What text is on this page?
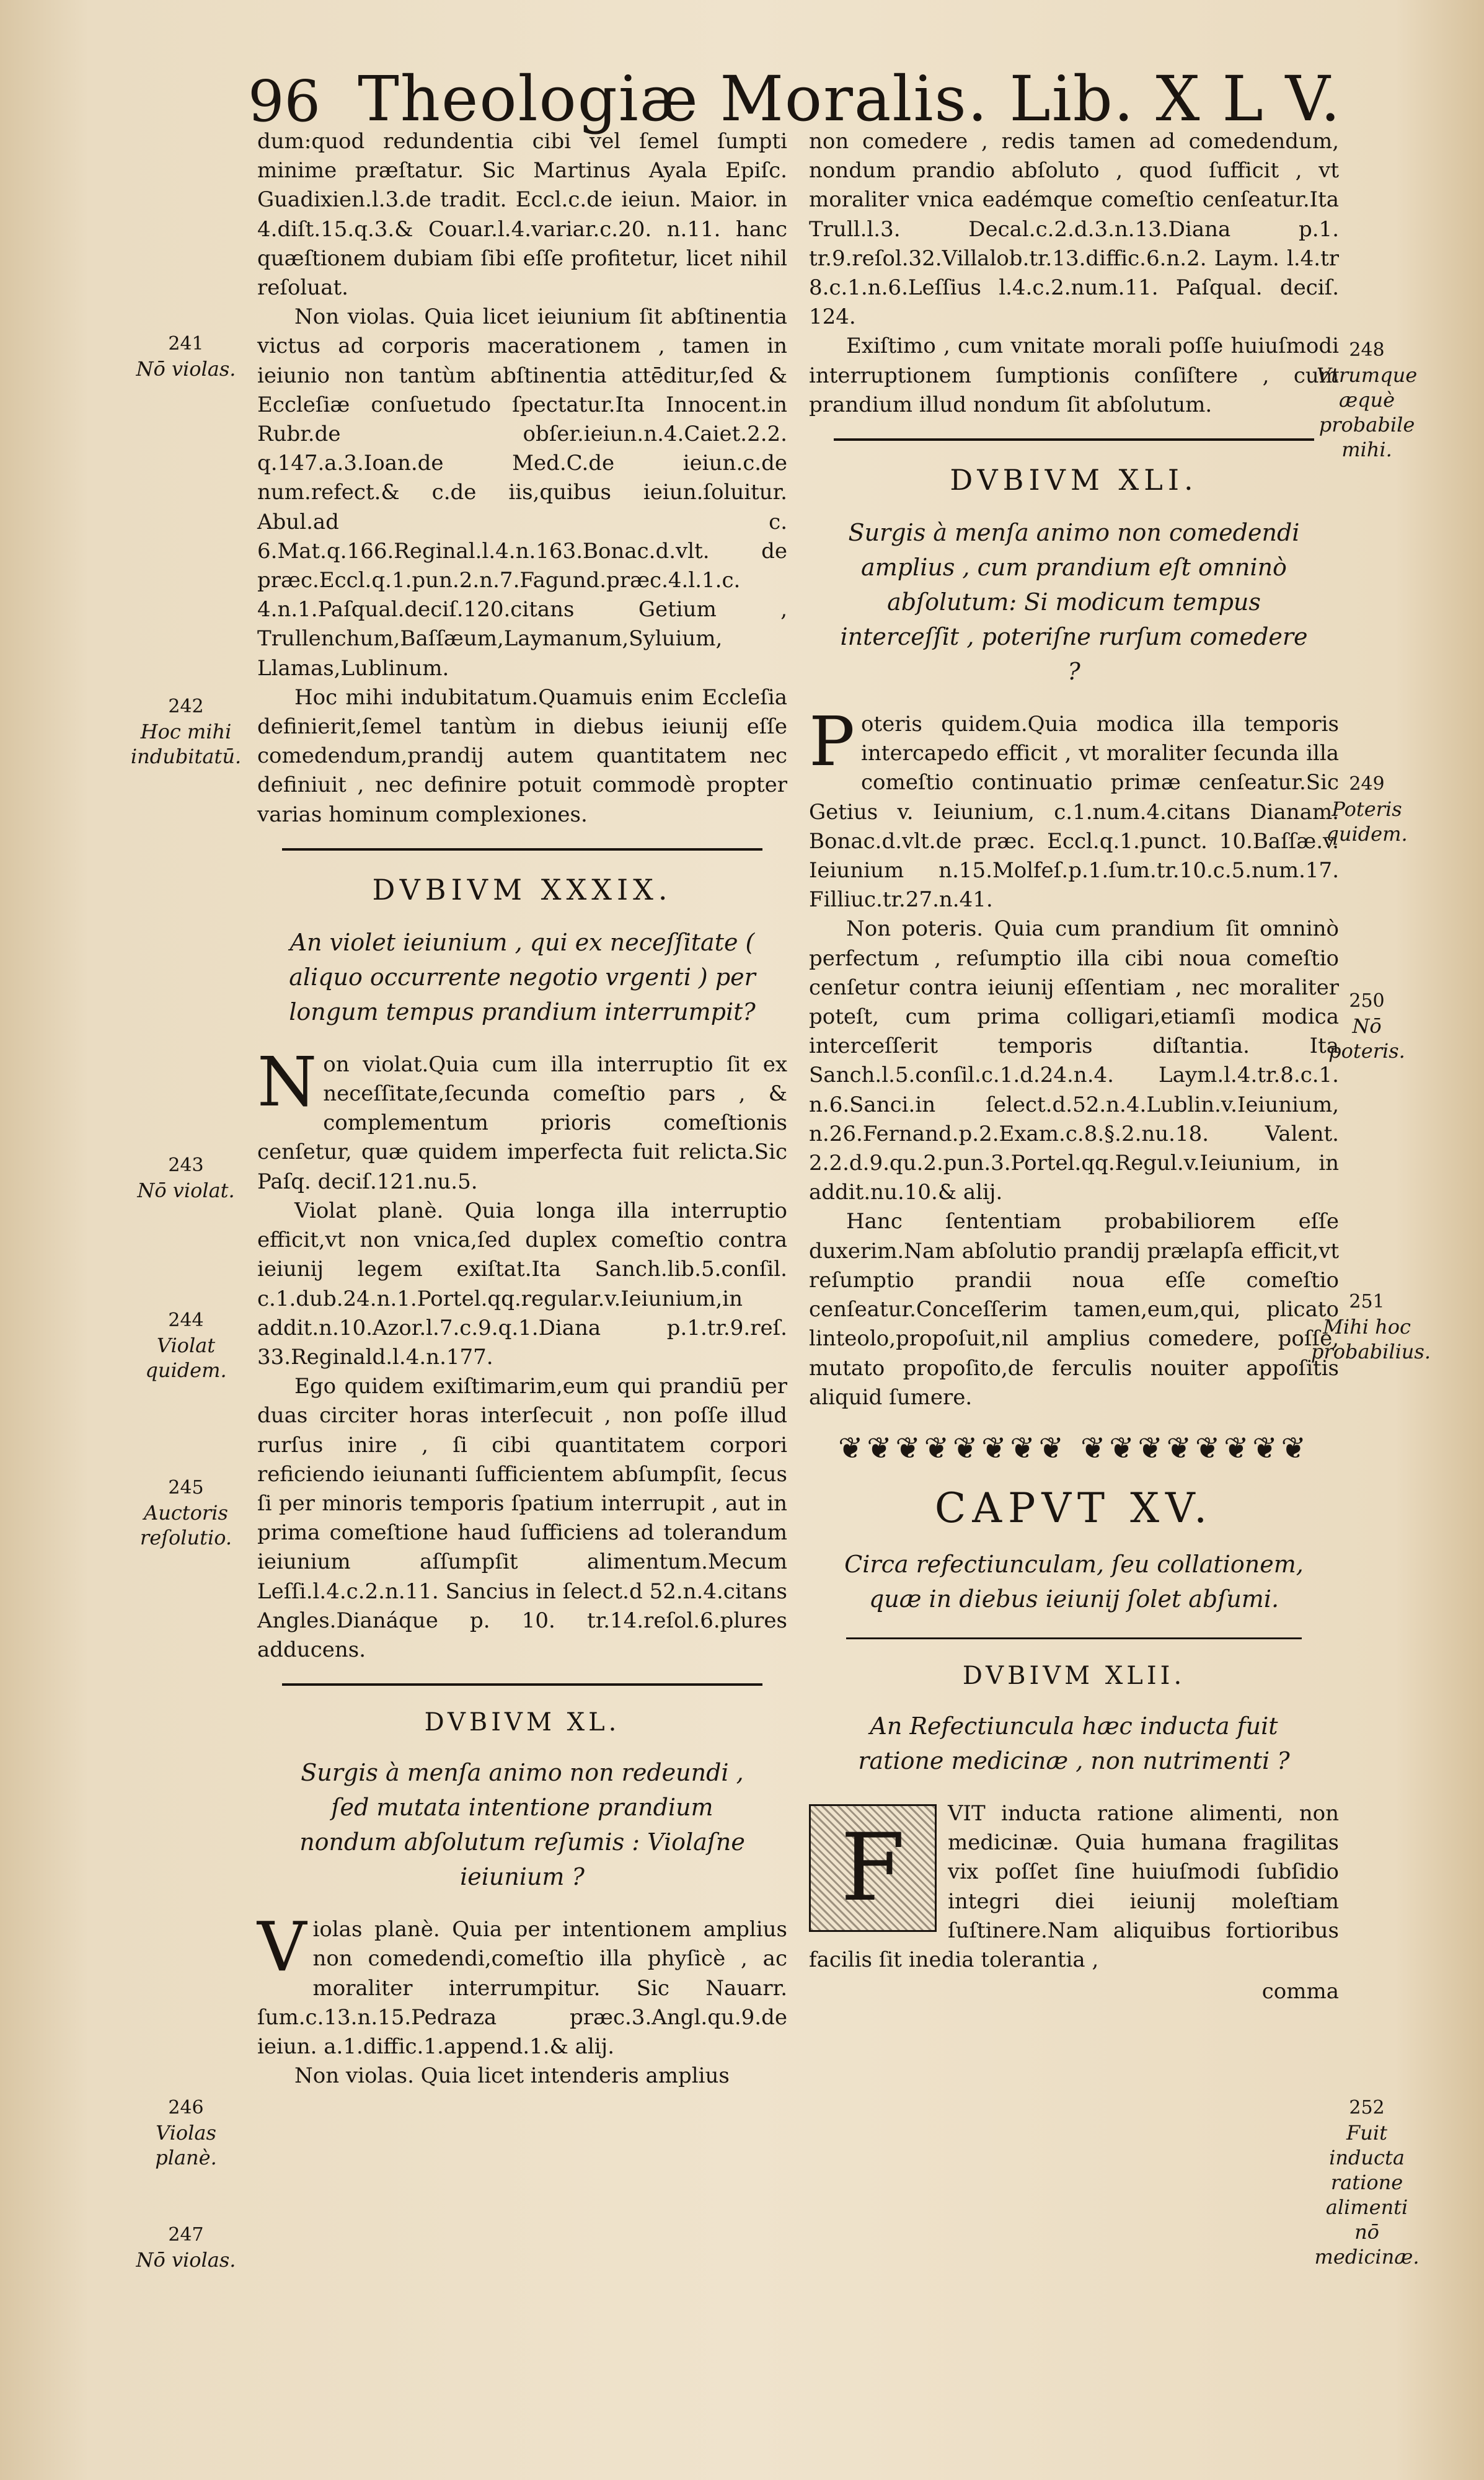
96 Theologiæ Moralis. Lib. X L V.

dum:quod redundentia cibi vel ſemel ſumpti minime præſtatur. Sic Martinus Ayala Epiſc. Guadixien.l.3.de tradit. Eccl.c.de ieiun. Maior. in 4.diſt.15.q.3.& Couar.l.4.variar.c.20. n.11. hanc quæſtionem dubiam ſibi eſſe profitetur, licet nihil reſoluat.

Non violas. Quia licet ieiunium ſit abſtinentia victus ad corporis macerationem , tamen in ieiunio non tantùm abſtinentia attēditur,ſed & Eccleſiæ conſuetudo ſpectatur.Ita Innocent.in Rubr.de obſer.ieiun.n.4.Caiet.2.2. q.147.a.3.Ioan.de Med.C.de ieiun.c.de num.refect.& c.de iis,quibus ieiun.ſoluitur. Abul.ad c. 6.Mat.q.166.Reginal.l.4.n.163.Bonac.d.vlt. de præc.Eccl.q.1.pun.2.n.7.Fagund.præc.4.l.1.c. 4.n.1.Paſqual.deciſ.120.citans Getium , Trullenchum,Baſſæum,Laymanum,Syluium, Llamas,Lublinum.

Hoc mihi indubitatum.Quamuis enim Eccleſia definierit,ſemel tantùm in diebus ieiunij eſſe comedendum,prandij autem quantitatem nec definiuit , nec definire potuit commodè propter varias hominum complexiones.

DVBIVM XXXIX.
An violet ieiunium , qui ex neceſſitate ( aliquo occurrente negotio vrgenti ) per longum tempus prandium interrumpit?

Non violat.Quia cum illa interruptio ſit ex neceſſitate,ſecunda comeſtio pars , & complementum prioris comeſtionis cenſetur, quæ quidem imperfecta fuit relicta.Sic Paſq. deciſ.121.nu.5.

Violat planè. Quia longa illa interruptio efficit,vt non vnica,ſed duplex comeſtio contra ieiunij legem exiſtat.Ita Sanch.lib.5.conſil. c.1.dub.24.n.1.Portel.qq.regular.v.Ieiunium,in addit.n.10.Azor.l.7.c.9.q.1.Diana p.1.tr.9.reſ. 33.Reginald.l.4.n.177.

Ego quidem exiſtimarim,eum qui prandiū per duas circiter horas interſecuit , non poſſe illud rurſus inire , ſi cibi quantitatem corpori reficiendo ieiunanti ſufficientem abſumpſit, ſecus ſi per minoris temporis ſpatium interrupit , aut in prima comeſtione haud ſufficiens ad tolerandum ieiunium aſſumpſit alimentum.Mecum Leſſi.l.4.c.2.n.11. Sancius in ſelect.d 52.n.4.citans Angles.Dianáque p. 10. tr.14.reſol.6.plures adducens.

DVBIVM XL.
Surgis à menſa animo non redeundi , ſed mutata intentione prandium nondum abſolutum reſumis : Violaſne ieiunium ?

Violas planè. Quia per intentionem amplius non comedendi,comeſtio illa phyſicè , ac moraliter interrumpitur. Sic Nauarr. ſum.c.13.n.15.Pedraza præc.3.Angl.qu.9.de ieiun. a.1.diffic.1.append.1.& alij.

Non violas. Quia licet intenderis amplius

non comedere , redis tamen ad comedendum, nondum prandio abſoluto , quod ſufficit , vt moraliter vnica eadémque comeſtio cenſeatur.Ita Trull.l.3. Decal.c.2.d.3.n.13.Diana p.1. tr.9.reſol.32.Villalob.tr.13.diffic.6.n.2. Laym. l.4.tr 8.c.1.n.6.Leſſius l.4.c.2.num.11. Paſqual. deciſ. 124.

Exiſtimo , cum vnitate morali poſſe huiuſmodi interruptionem ſumptionis conſiſtere , cum prandium illud nondum ſit abſolutum.

DVBIVM XLI.
Surgis à menſa animo non comedendi amplius , cum prandium eſt omninò abſolutum: Si modicum tempus interceſſit , poteriſne rurſum comedere ?

Poteris quidem.Quia modica illa temporis intercapedo efficit , vt moraliter ſecunda illa comeſtio continuatio primæ cenſeatur.Sic Getius v. Ieiunium, c.1.num.4.citans Dianam. Bonac.d.vlt.de præc. Eccl.q.1.punct. 10.Baſſæ.v. Ieiunium n.15.Molfeſ.p.1.ſum.tr.10.c.5.num.17. Filliuc.tr.27.n.41.

Non poteris. Quia cum prandium ſit omninò perfectum , reſumptio illa cibi noua comeſtio cenſetur contra ieiunij eſſentiam , nec moraliter poteſt, cum prima colligari,etiamſi modica interceſſerit temporis diſtantia. Ita Sanch.l.5.conſil.c.1.d.24.n.4. Laym.l.4.tr.8.c.1. n.6.Sanci.in ſelect.d.52.n.4.Lublin.v.Ieiunium, n.26.Fernand.p.2.Exam.c.8.§.2.nu.18. Valent. 2.2.d.9.qu.2.pun.3.Portel.qq.Regul.v.Ieiunium, in addit.nu.10.& alij.

Hanc ſententiam probabiliorem eſſe duxerim.Nam abſolutio prandij prælapſa efficit,vt reſumptio prandii noua eſſe comeſtio cenſeatur.Conceſſerim tamen,eum,qui, plicato linteolo,propoſuit,nil amplius comedere, poſſe, mutato propoſito,de ferculis nouiter appoſitis aliquid ſumere.

❦❦❦❦❦❦❦❦ ❦❦❦❦❦❦❦❦
CAPVT XV.
Circa refectiunculam, ſeu collationem, quæ in diebus ieiunij ſolet abſumi.
DVBIVM XLII.
An Refectiuncula hæc inducta fuit ratione medicinæ , non nutrimenti ?
F

VIT inducta ratione alimenti, non medicinæ. Quia humana fragilitas vix poſſet ſine huiuſmodi ſubſidio integri diei ieiunij moleſtiam ſuſtinere.Nam aliquibus fortioribus facilis ſit inedia tolerantia ,

comma

241
Nō violas.
242
Hoc mihi indubitatū.
243
Nō violat.
244
Violat quidem.
245
Auctoris reſolutio.
246
Violas planè.
247
Nō violas.
248
Vtrumque æquè probabile mihi.
249
Poteris quidem.
250
Nō poteris.
251
Mihi hoc probabilius.
252
Fuit inducta ratione alimenti nō medicinæ.
